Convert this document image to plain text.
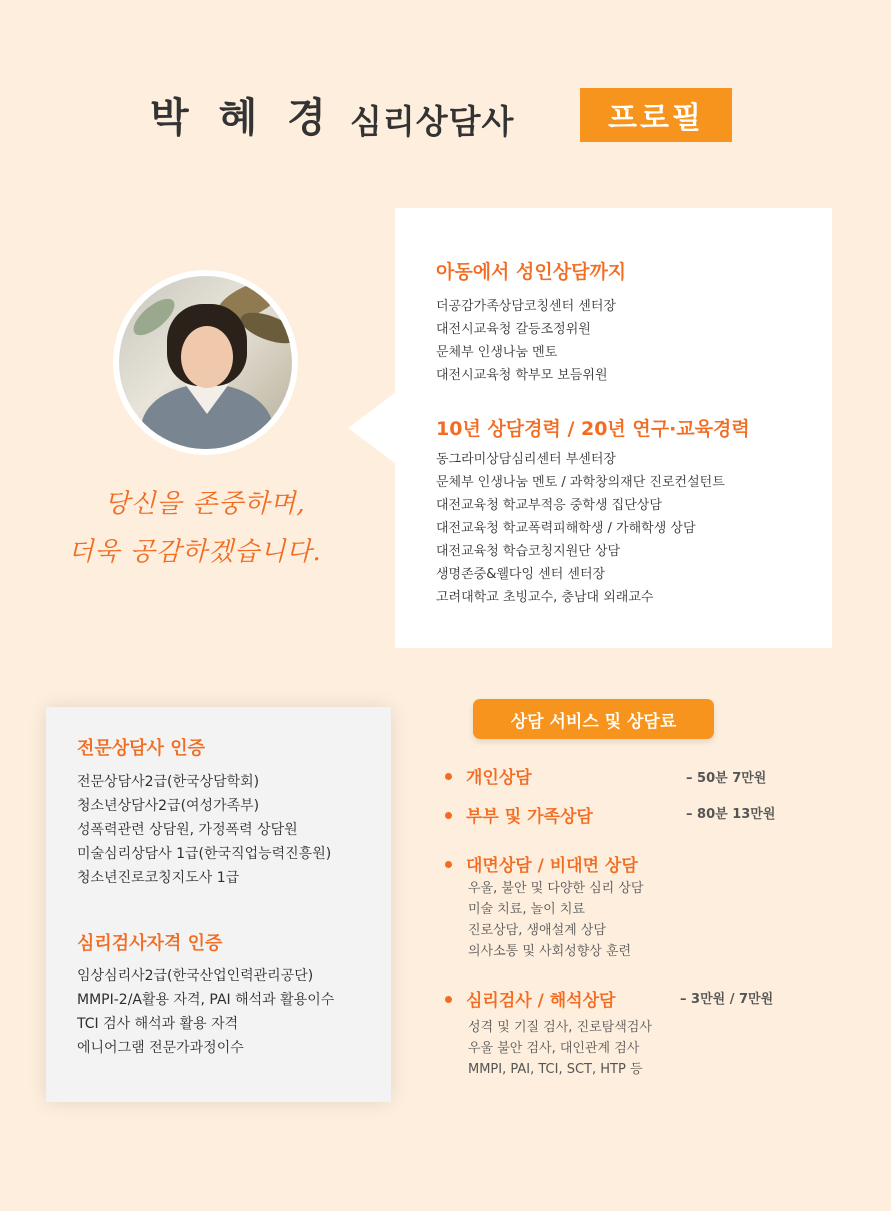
박 혜 경 심리상담사	프로필
아동에서 성인상담까지
더공감가족상담코칭센터 센터장
대전시교육청 갈등조정위원
문체부 인생나눔 멘토
대전시교육청 학부모 보듬위원
10년 상담경력 / 20년 연구·교육경력
동그라미상담심리센터 부센터장
문체부 인생나눔 멘토 / 과학창의재단 진로컨설턴트
대전교육청 학교부적응 중학생 집단상담
대전교육청 학교폭력피해학생 / 가해학생 상담
대전교육청 학습코칭지원단 상담
생명존중&웰다잉 센터 센터장
고려대학교 초빙교수, 충남대 외래교수
당신을 존중하며,
더욱 공감하겠습니다.
전문상담사 인증
전문상담사2급(한국상담학회)
청소년상담사2급(여성가족부)
성폭력관련 상담원, 가정폭력 상담원
미술심리상담사 1급(한국직업능력진흥원)
청소년진로코칭지도사 1급
심리검사자격 인증
임상심리사2급(한국산업인력관리공단)
MMPI-2/A활용 자격, PAI 해석과 활용이수
TCI 검사 해석과 활용 자격
에니어그램 전문가과정이수
상담 서비스 및 상담료
개인상담	– 50분 7만원
부부 및 가족상담	– 80분 13만원
대면상담 / 비대면 상담
우울, 불안 및 다양한 심리 상담
미술 치료, 놀이 치료
진로상담, 생애설계 상담
의사소통 및 사회성향상 훈련
심리검사 / 해석상담	– 3만원 / 7만원
성격 및 기질 검사, 진로탐색검사
우울 불안 검사, 대인관계 검사
MMPI, PAI, TCI, SCT, HTP 등
